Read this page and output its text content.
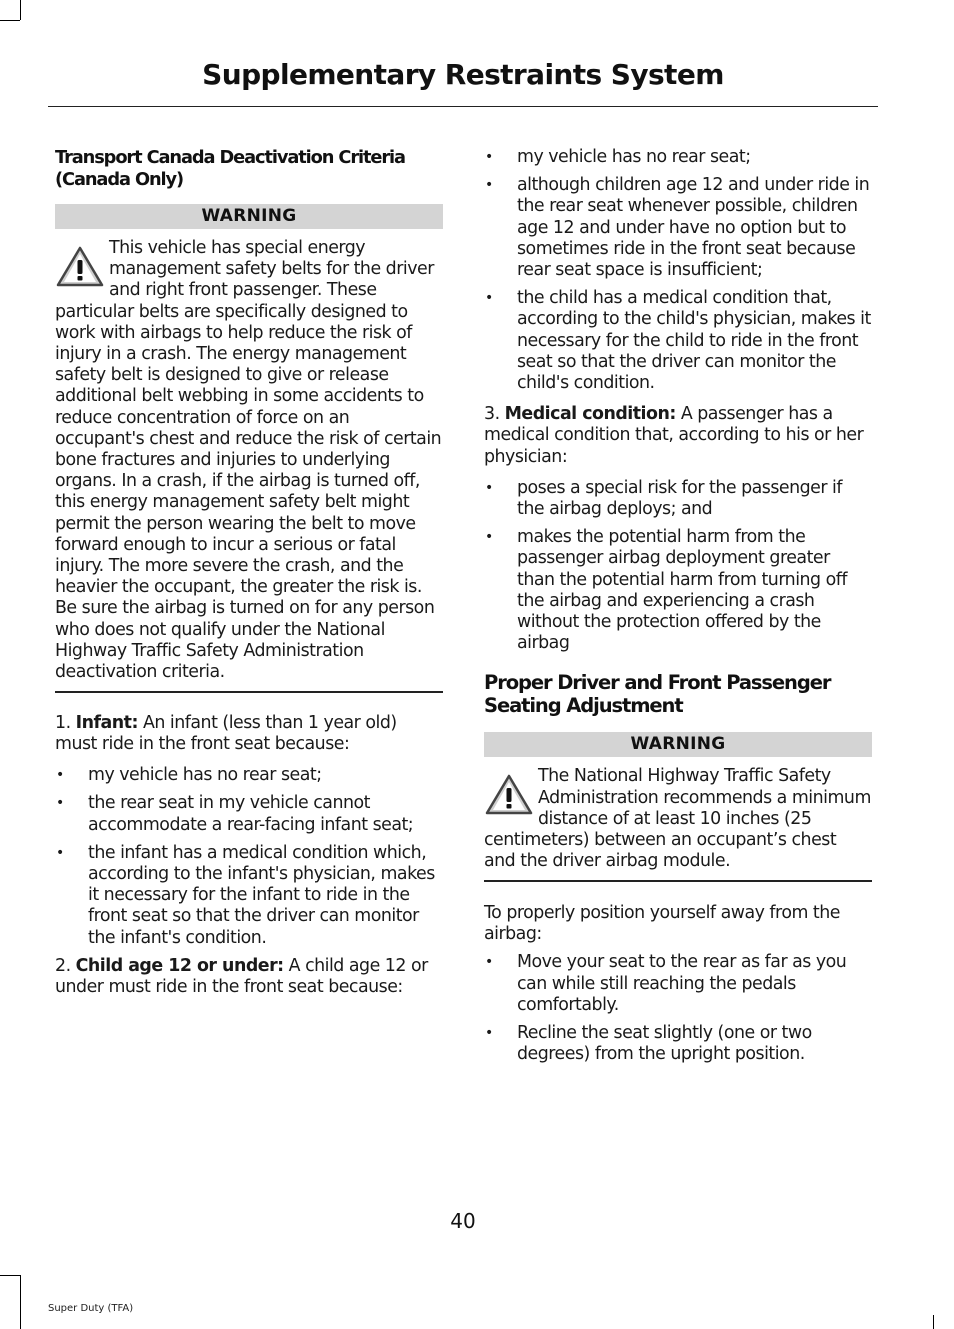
Supplementary Restraints System

Transport Canada Deactivation Criteria (Canada Only)

WARNING

This vehicle has special energy management safety belts for the driver and right front passenger. These particular belts are specifically designed to work with airbags to help reduce the risk of injury in a crash. The energy management safety belt is designed to give or release additional belt webbing in some accidents to reduce concentration of force on an occupant's chest and reduce the risk of certain bone fractures and injuries to underlying organs. In a crash, if the airbag is turned off, this energy management safety belt might permit the person wearing the belt to move forward enough to incur a serious or fatal injury. The more severe the crash, and the heavier the occupant, the greater the risk is. Be sure the airbag is turned on for any person who does not qualify under the National Highway Traffic Safety Administration deactivation criteria.

1. Infant: An infant (less than 1 year old) must ride in the front seat because:

• my vehicle has no rear seat;
• the rear seat in my vehicle cannot accommodate a rear-facing infant seat;
• the infant has a medical condition which, according to the infant's physician, makes it necessary for the infant to ride in the front seat so that the driver can monitor the infant's condition.

2. Child age 12 or under: A child age 12 or under must ride in the front seat because:

• my vehicle has no rear seat;
• although children age 12 and under ride in the rear seat whenever possible, children age 12 and under have no option but to sometimes ride in the front seat because rear seat space is insufficient;
• the child has a medical condition that, according to the child's physician, makes it necessary for the child to ride in the front seat so that the driver can monitor the child's condition.

3. Medical condition: A passenger has a medical condition that, according to his or her physician:

• poses a special risk for the passenger if the airbag deploys; and
• makes the potential harm from the passenger airbag deployment greater than the potential harm from turning off the airbag and experiencing a crash without the protection offered by the airbag

Proper Driver and Front Passenger Seating Adjustment

WARNING

The National Highway Traffic Safety Administration recommends a minimum distance of at least 10 inches (25 centimeters) between an occupant’s chest and the driver airbag module.

To properly position yourself away from the airbag:

• Move your seat to the rear as far as you can while still reaching the pedals comfortably.
• Recline the seat slightly (one or two degrees) from the upright position.
40
Super Duty (TFA)
